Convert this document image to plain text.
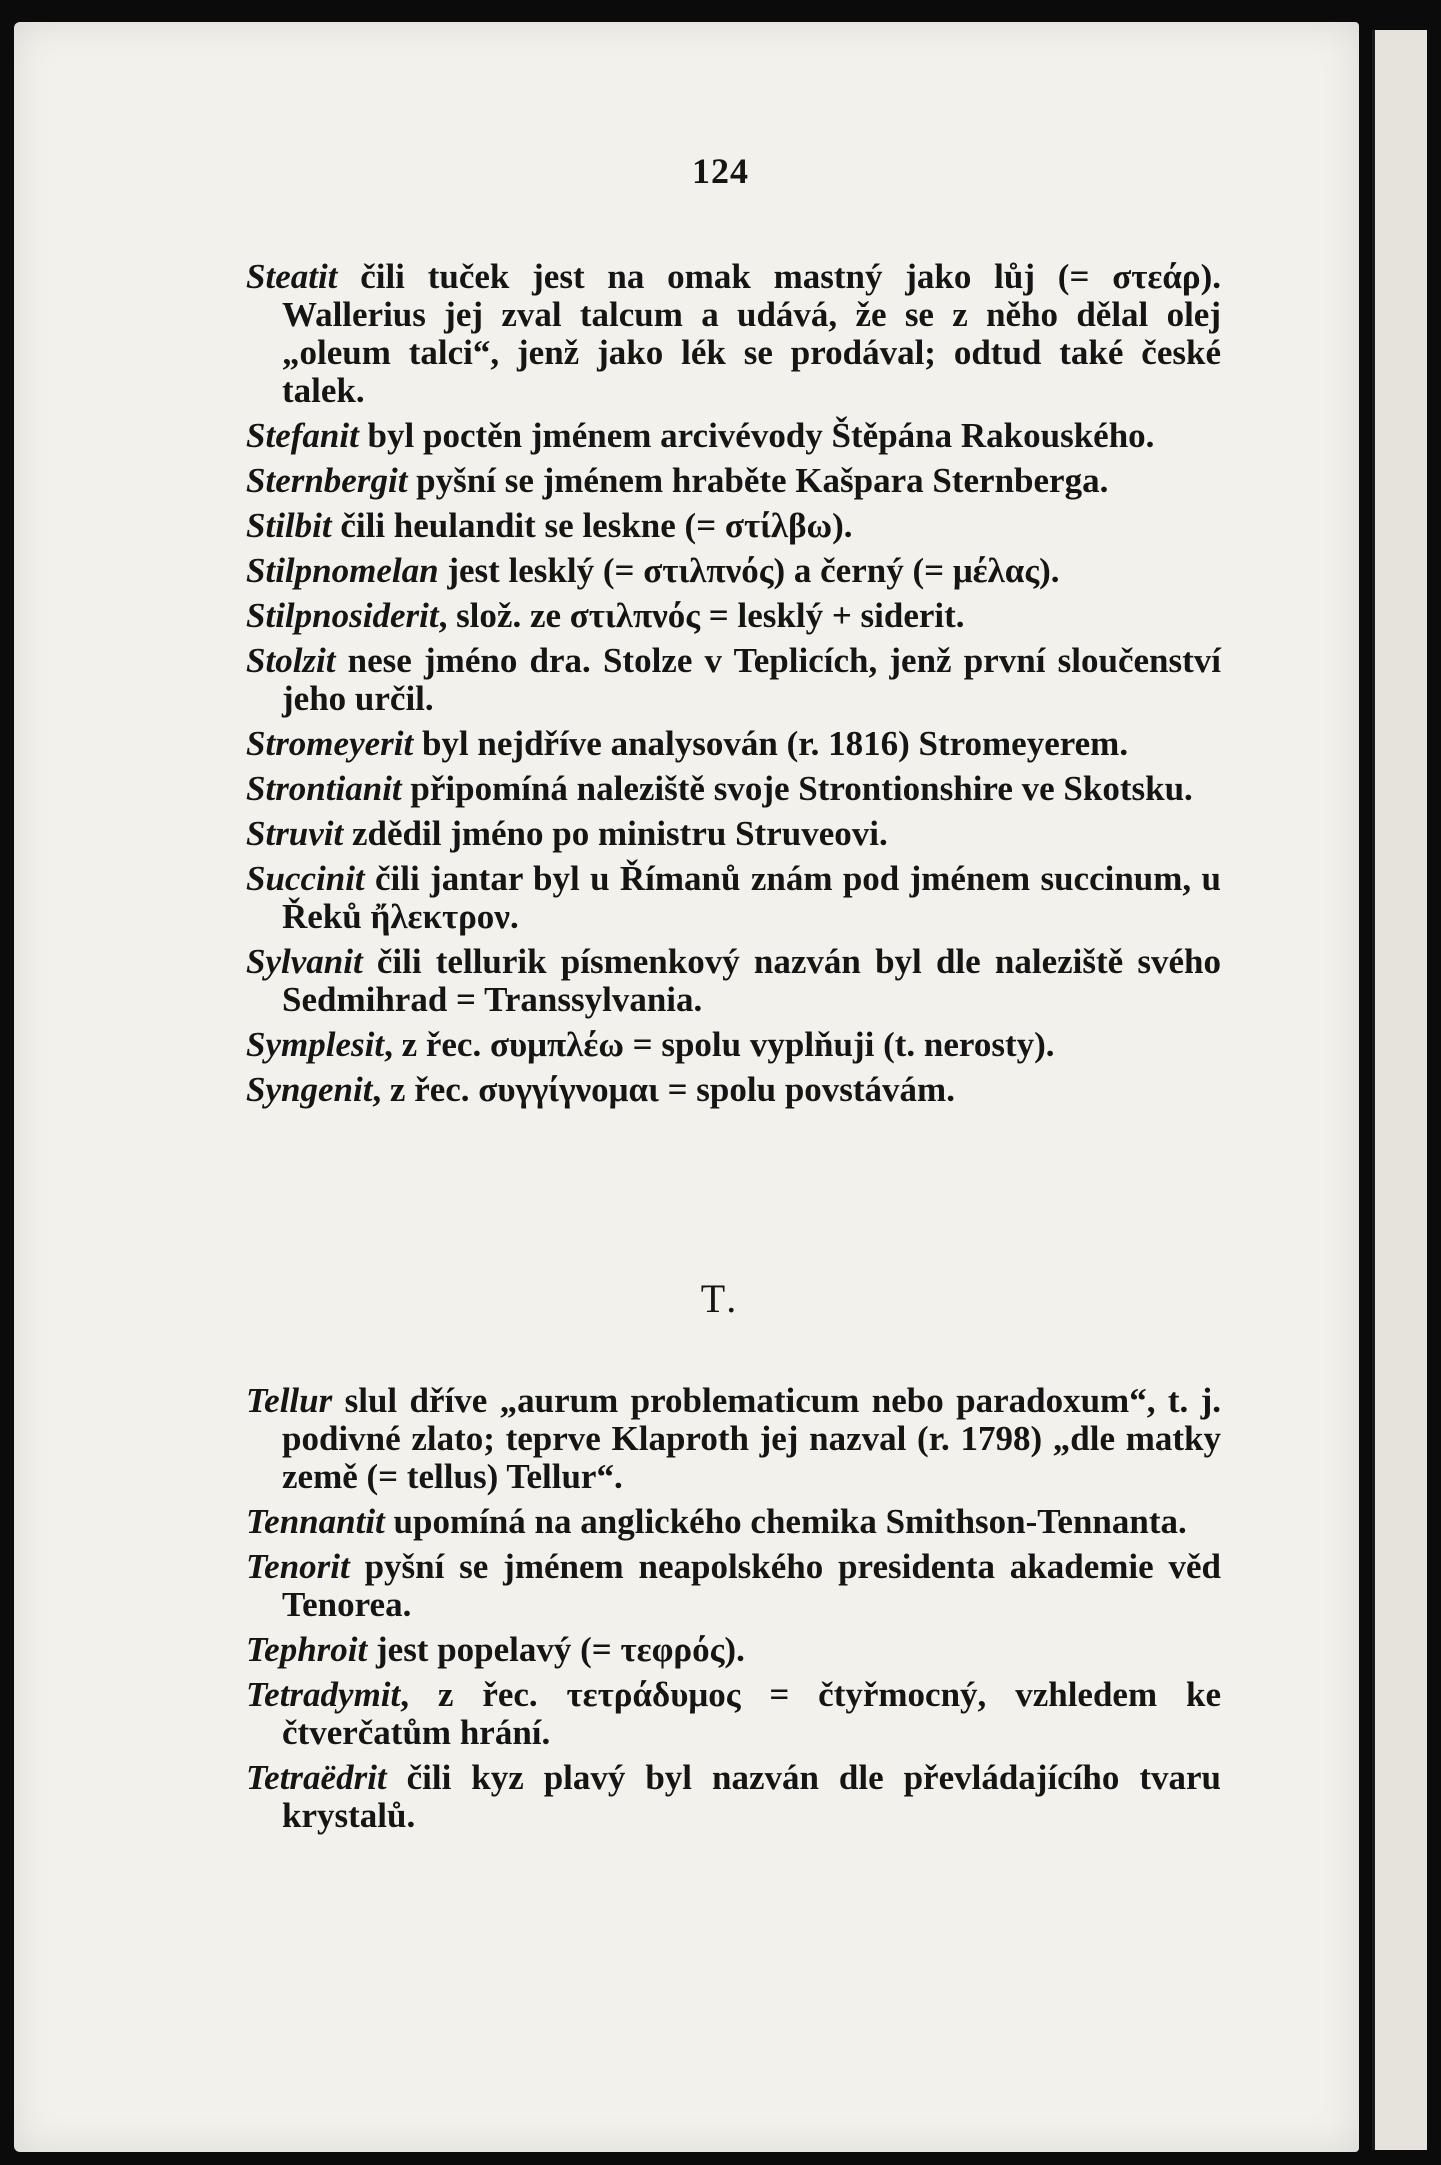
124

Steatit čili tuček jest na omak mastný jako lůj (= στεάρ). Wallerius jej zval talcum a udává, že se z něho dělal olej „oleum talci“, jenž jako lék se prodával; odtud také české talek.

Stefanit byl poctěn jménem arcivévody Štěpána Rakouského.

Sternbergit pyšní se jménem hraběte Kašpara Sternberga.

Stilbit čili heulandit se leskne (= στίλβω).

Stilpnomelan jest lesklý (= στιλπνός) a černý (= μέλας).

Stilpnosiderit, slož. ze στιλπνός = lesklý + siderit.

Stolzit nese jméno dra. Stolze v Teplicích, jenž první sloučenství jeho určil.

Stromeyerit byl nejdříve analysován (r. 1816) Stromeyerem.

Strontianit připomíná naleziště svoje Strontionshire ve Skotsku.

Struvit zdědil jméno po ministru Struveovi.

Succinit čili jantar byl u Římanů znám pod jménem succinum, u Řeků ἤλεκτρον.

Sylvanit čili tellurik písmenkový nazván byl dle naleziště svého Sedmihrad = Transsylvania.

Symplesit, z řec. συμπλέω = spolu vyplňuji (t. nerosty).

Syngenit, z řec. συγγίγνομαι = spolu povstávám.

T.

Tellur slul dříve „aurum problematicum nebo paradoxum“, t. j. podivné zlato; teprve Klaproth jej nazval (r. 1798) „dle matky země (= tellus) Tellur“.

Tennantit upomíná na anglického chemika Smithson-Tennanta.

Tenorit pyšní se jménem neapolského presidenta akademie věd Tenorea.

Tephroit jest popelavý (= τεφρός).

Tetradymit, z řec. τετράδυμος = čtyřmocný, vzhledem ke čtverčatům hrání.

Tetraëdrit čili kyz plavý byl nazván dle převládajícího tvaru krystalů.
